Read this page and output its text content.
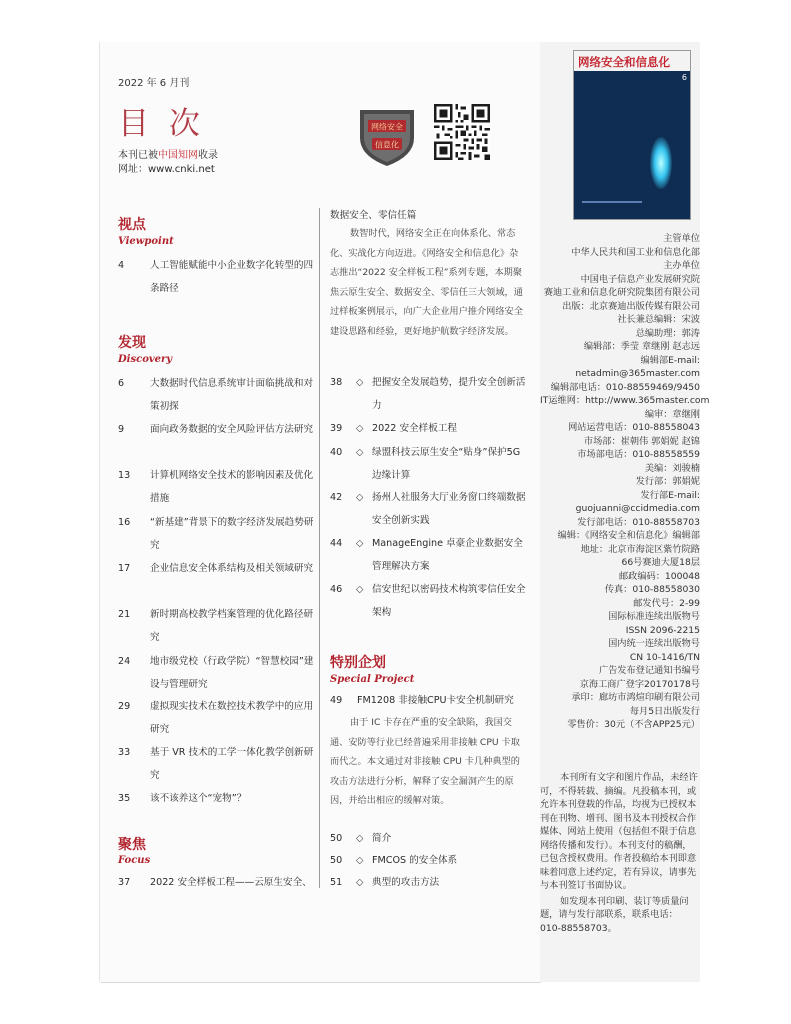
2022 年 6 月刊
目 次
本刊已被中国知网收录
网址：www.cnki.net
网络安全
信息化
视点
Viewpoint
4	人工智能赋能中小企业数字化转型的四条路径
发现
Discovery
6	大数据时代信息系统审计面临挑战和对策初探
9	面向政务数据的安全风险评估方法研究
13 计算机网络安全技术的影响因素及优化措施
16 “新基建”背景下的数字经济发展趋势研究
17 企业信息安全体系结构及相关领域研究
21 新时期高校教学档案管理的优化路径研究
24 地市级党校（行政学院）“智慧校园”建设与管理研究
29 虚拟现实技术在数控技术教学中的应用研究
33 基于 VR 技术的工学一体化教学创新研究
35 该不该养这个“宠物”？
聚焦
Focus
37 2022 安全样板工程——云原生安全、
数据安全、零信任篇
数智时代，网络安全正在向体系化、常态化、实战化方向迈进。《网络安全和信息化》杂志推出“2022 安全样板工程”系列专题，本期聚焦云原生安全、数据安全、零信任三大领域，通过样板案例展示，向广大企业用户推介网络安全建设思路和经验，更好地护航数字经济发展。
38 ◇ 把握安全发展趋势，提升安全创新活力
39 ◇ 2022 安全样板工程
40 ◇ 绿盟科技云原生安全“贴身”保护5G 边缘计算
42 ◇ 扬州人社服务大厅业务窗口终端数据安全创新实践
44 ◇ ManageEngine 卓豪企业数据安全管理解决方案
46 ◇ 信安世纪以密码技术构筑零信任安全架构
特别企划
Special Project
49 FM1208 非接触CPU卡安全机制研究
由于 IC 卡存在严重的安全缺陷，我国交通、安防等行业已经普遍采用非接触 CPU 卡取而代之。本文通过对非接触 CPU 卡几种典型的攻击方法进行分析，解释了安全漏洞产生的原因，并给出相应的缓解对策。
50 ◇ 简介
50 ◇ FMCOS 的安全体系
51 ◇ 典型的攻击方法
网络安全和信息化
6
主管单位
中华人民共和国工业和信息化部
主办单位
中国电子信息产业发展研究院
赛迪工业和信息化研究院集团有限公司
出版：北京赛迪出版传媒有限公司
社长兼总编辑：宋波
总编助理：郭涛
编辑部：季莹 章继刚 赵志远
编辑部E-mail:
netadmin@365master.com
编辑部电话：010-88559469/9450
IT运维网：http://www.365master.com
编审：章继刚
网站运营电话：010-88558043
市场部：崔朝伟 郭娟妮 赵锦
市场部电话：010-88558559
美编：刘骏楠
发行部：郭娟妮
发行部E-mail:
guojuanni@ccidmedia.com
发行部电话：010-88558703
编辑：《网络安全和信息化》编辑部
地址：北京市海淀区紫竹院路
66号赛迪大厦18层
邮政编码：100048
传真：010-88558030
邮发代号：2-99
国际标准连续出版物号
ISSN 2096-2215
国内统一连续出版物号
CN 10-1416/TN
广告发布登记通知书编号
京海工商广登字20170178号
承印：廊坊市鸿煊印刷有限公司
每月5日出版发行
零售价：30元（不含APP25元）
本刊所有文字和图片作品，未经许可，不得转载、摘编。凡投稿本刊，或允许本刊登载的作品，均视为已授权本刊在刊物、增刊、图书及本刊授权合作媒体、网站上使用（包括但不限于信息网络传播和发行）。本刊支付的稿酬，已包含授权费用。作者投稿给本刊即意味着同意上述约定，若有异议，请事先与本刊签订书面协议。
如发现本刊印刷、装订等质量问题，请与发行部联系，联系电话：010-88558703。
